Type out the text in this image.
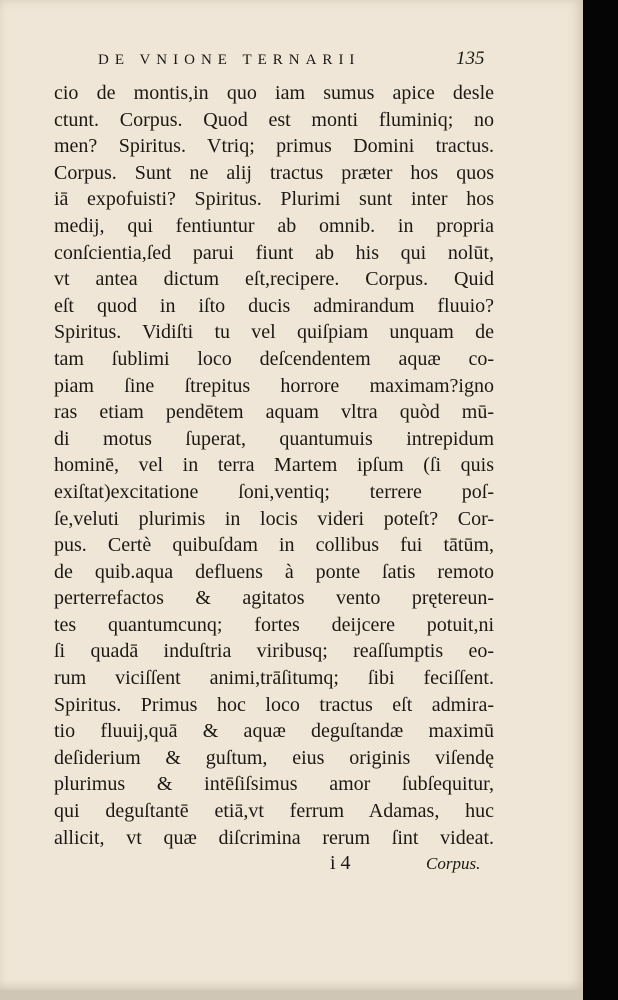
DE VNIONE TERNARII	135
cio de montis,in quo iam sumus apice desle
ctunt. Corpus. Quod est monti fluminiq; no
men? Spiritus. Vtriq; primus Domini tractus.
Corpus. Sunt ne alij tractus præter hos quos
iā expofuisti? Spiritus. Plurimi sunt inter hos
medij, qui fentiuntur ab omnib. in propria
conſcientia,ſed parui fiunt ab his qui nolūt,
vt antea dictum eſt,recipere. Corpus. Quid
eſt quod in iſto ducis admirandum fluuio?
Spiritus. Vidiſti tu vel quiſpiam unquam de
tam ſublimi loco deſcendentem aquæ co-
piam ſine ſtrepitus horrore maximam?igno
ras etiam pendētem aquam vltra quòd mū-
di motus ſuperat, quantumuis intrepidum
hominē, vel in terra Martem ipſum (ſi quis
exiſtat)excitatione ſoni,ventiq; terrere poſ-
ſe,veluti plurimis in locis videri poteſt? Cor-
pus. Certè quibuſdam in collibus fui tātūm,
de quib.aqua defluens à ponte ſatis remoto
perterrefactos & agitatos vento prętereun-
tes quantumcunq; fortes deijcere potuit,ni
ſi quadā induſtria viribusq; reaſſumptis eo-
rum viciſſent animi,trāſitumq; ſibi feciſſent.
Spiritus. Primus hoc loco tractus eſt admira-
tio fluuij,quā & aquæ deguſtandæ maximū
deſiderium & guſtum, eius originis viſendę
plurimus & intēſiſsimus amor ſubſequitur,
qui deguſtantē etiā,vt ferrum Adamas, huc
allicit, vt quæ diſcrimina rerum ſint videat.
i 4	Corpus.
